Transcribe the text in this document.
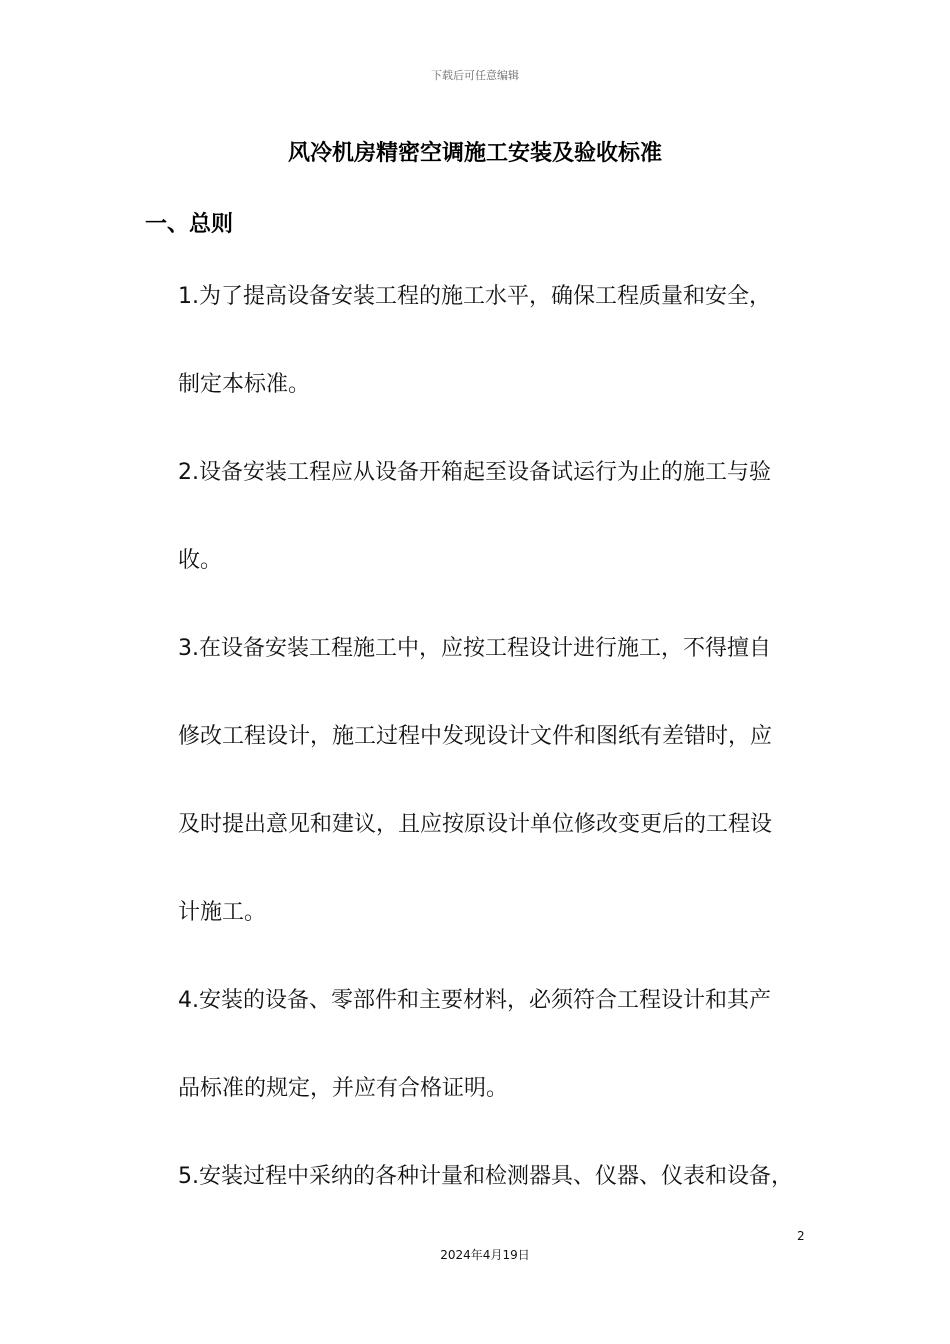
下载后可任意编辑
风冷机房精密空调施工安装及验收标准
一、总则
1.为了提高设备安装工程的施工水平，确保工程质量和安全，
制定本标准。
2.设备安装工程应从设备开箱起至设备试运行为止的施工与验
收。
3.在设备安装工程施工中，应按工程设计进行施工，不得擅自
修改工程设计，施工过程中发现设计文件和图纸有差错时，应
及时提出意见和建议，且应按原设计单位修改变更后的工程设
计施工。
4.安装的设备、零部件和主要材料，必须符合工程设计和其产
品标准的规定，并应有合格证明。
5.安装过程中采纳的各种计量和检测器具、仪器、仪表和设备，
2
2024年4月19日
